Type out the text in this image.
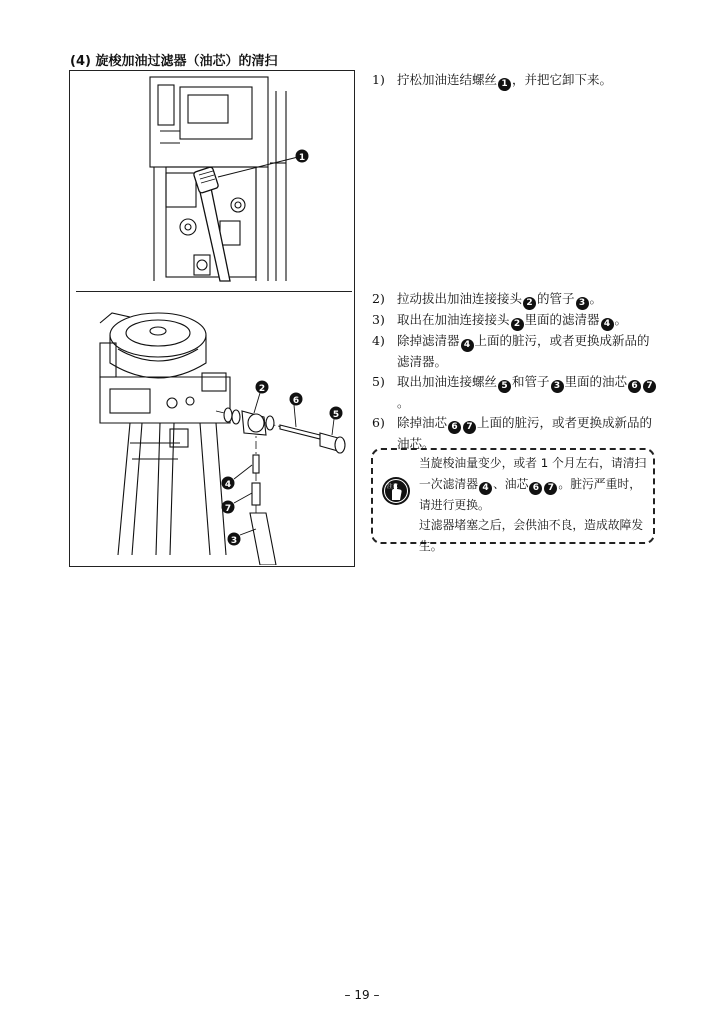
(4) 旋梭加油过滤器（油芯）的清扫
1
2
6
5
4
7
3
1) 拧松加油连结螺丝 1 ，并把它卸下来。
2) 拉动拔出加油连接接头 2 的管子 3 。
3) 取出在加油连接接头 2 里面的滤清器 4 。
4) 除掉滤清器 4 上面的脏污，或者更换成新品的滤清器。
5) 取出加油连接螺丝 5 和管子 3 里面的油芯 6 7。
6) 除掉油芯 6 7 上面的脏污，或者更换成新品的油芯。
注意
当旋梭油量变少，或者 1 个月左右，请清扫一次滤清器 4 、油芯 6 7 。脏污严重时，请进行更换。
过滤器堵塞之后，会供油不良，造成故障发生。
– 19 –
